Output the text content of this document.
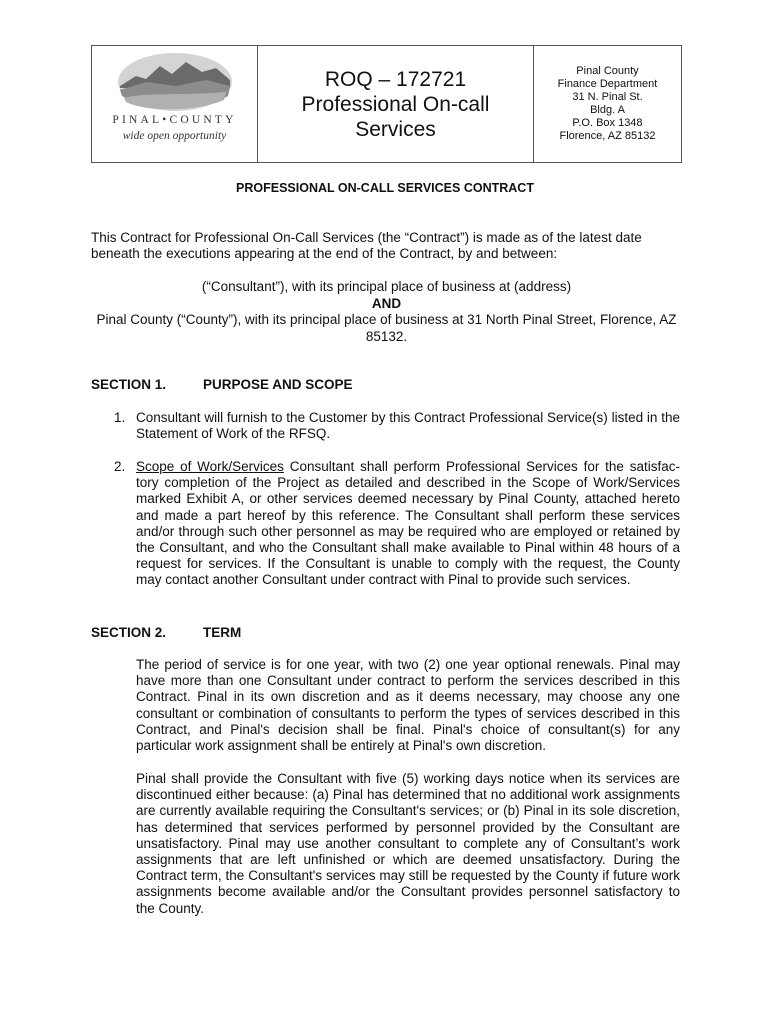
PINAL•COUNTY
wide open opportunity
ROQ – 172721
Professional On-call
Services
Pinal County
Finance Department
31 N. Pinal St.
Bldg. A
P.O. Box 1348
Florence, AZ 85132
PROFESSIONAL ON-CALL SERVICES CONTRACT

This Contract for Professional On-Call Services (the “Contract”) is made as of the latest date beneath the executions appearing at the end of the Contract, by and between:

(“Consultant”), with its principal place of business at (address)
AND
Pinal County (“County”), with its principal place of business at 31 North Pinal Street, Florence, AZ 85132.
SECTION 1.	PURPOSE AND SCOPE
1. Consultant will furnish to the Customer by this Contract Professional Service(s) listed in the Statement of Work of the RFSQ.
2. Scope of Work/Services Consultant shall perform Professional Services for the satisfac-tory completion of the Project as detailed and described in the Scope of Work/Services marked Exhibit A, or other services deemed necessary by Pinal County, attached hereto and made a part hereof by this reference. The Consultant shall perform these services and/or through such other personnel as may be required who are employed or retained by the Consultant, and who the Consultant shall make available to Pinal within 48 hours of a request for services. If the Consultant is unable to comply with the request, the County may contact another Consultant under contract with Pinal to provide such services.
SECTION 2.	TERM

The period of service is for one year, with two (2) one year optional renewals. Pinal may have more than one Consultant under contract to perform the services described in this Contract. Pinal in its own discretion and as it deems necessary, may choose any one consultant or combination of consultants to perform the types of services described in this Contract, and Pinal's decision shall be final. Pinal's choice of consultant(s) for any particular work assignment shall be entirely at Pinal's own discretion.

Pinal shall provide the Consultant with five (5) working days notice when its services are discontinued either because: (a) Pinal has determined that no additional work assignments are currently available requiring the Consultant's services; or (b) Pinal in its sole discretion, has determined that services performed by personnel provided by the Consultant are unsatisfactory. Pinal may use another consultant to complete any of Consultant’s work assignments that are left unfinished or which are deemed unsatisfactory. During the Contract term, the Consultant's services may still be requested by the County if future work assignments become available and/or the Consultant provides personnel satisfactory to the County.
